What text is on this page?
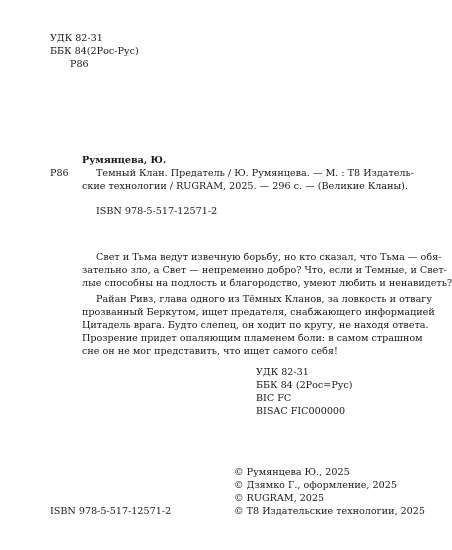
УДК 82-31
ББК 84(2Рос-Рус)
Р86
Румянцева, Ю.
Р86	Темный Клан. Предатель / Ю. Румянцева. — М. : Т8 Издатель-
ские технологии / RUGRAM, 2025. — 296 с. — (Великие Кланы).
ISBN 978-5-517-12571-2
Свет и Тьма ведут извечную борьбу, но кто сказал, что Тьма — обя-
зательно зло, а Свет — непременно добро? Что, если и Темные, и Свет-
лые способны на подлость и благородство, умеют любить и ненавидеть?
Райан Ривз, глава одного из Тёмных Кланов, за ловкость и отвагу
прозванный Беркутом, ищет предателя, снабжающего информацией
Цитадель врага. Будто слепец, он ходит по кругу, не находя ответа.
Прозрение придет опаляющим пламенем боли: в самом страшном
сне он не мог представить, что ищет самого себя!
УДК 82-31
ББК 84 (2Рос=Рус)
BIC FC
BISAC FIC000000
© Румянцева Ю., 2025
© Дзямко Г., оформление, 2025
© RUGRAM, 2025
© Т8 Издательские технологии, 2025
ISBN 978-5-517-12571-2
